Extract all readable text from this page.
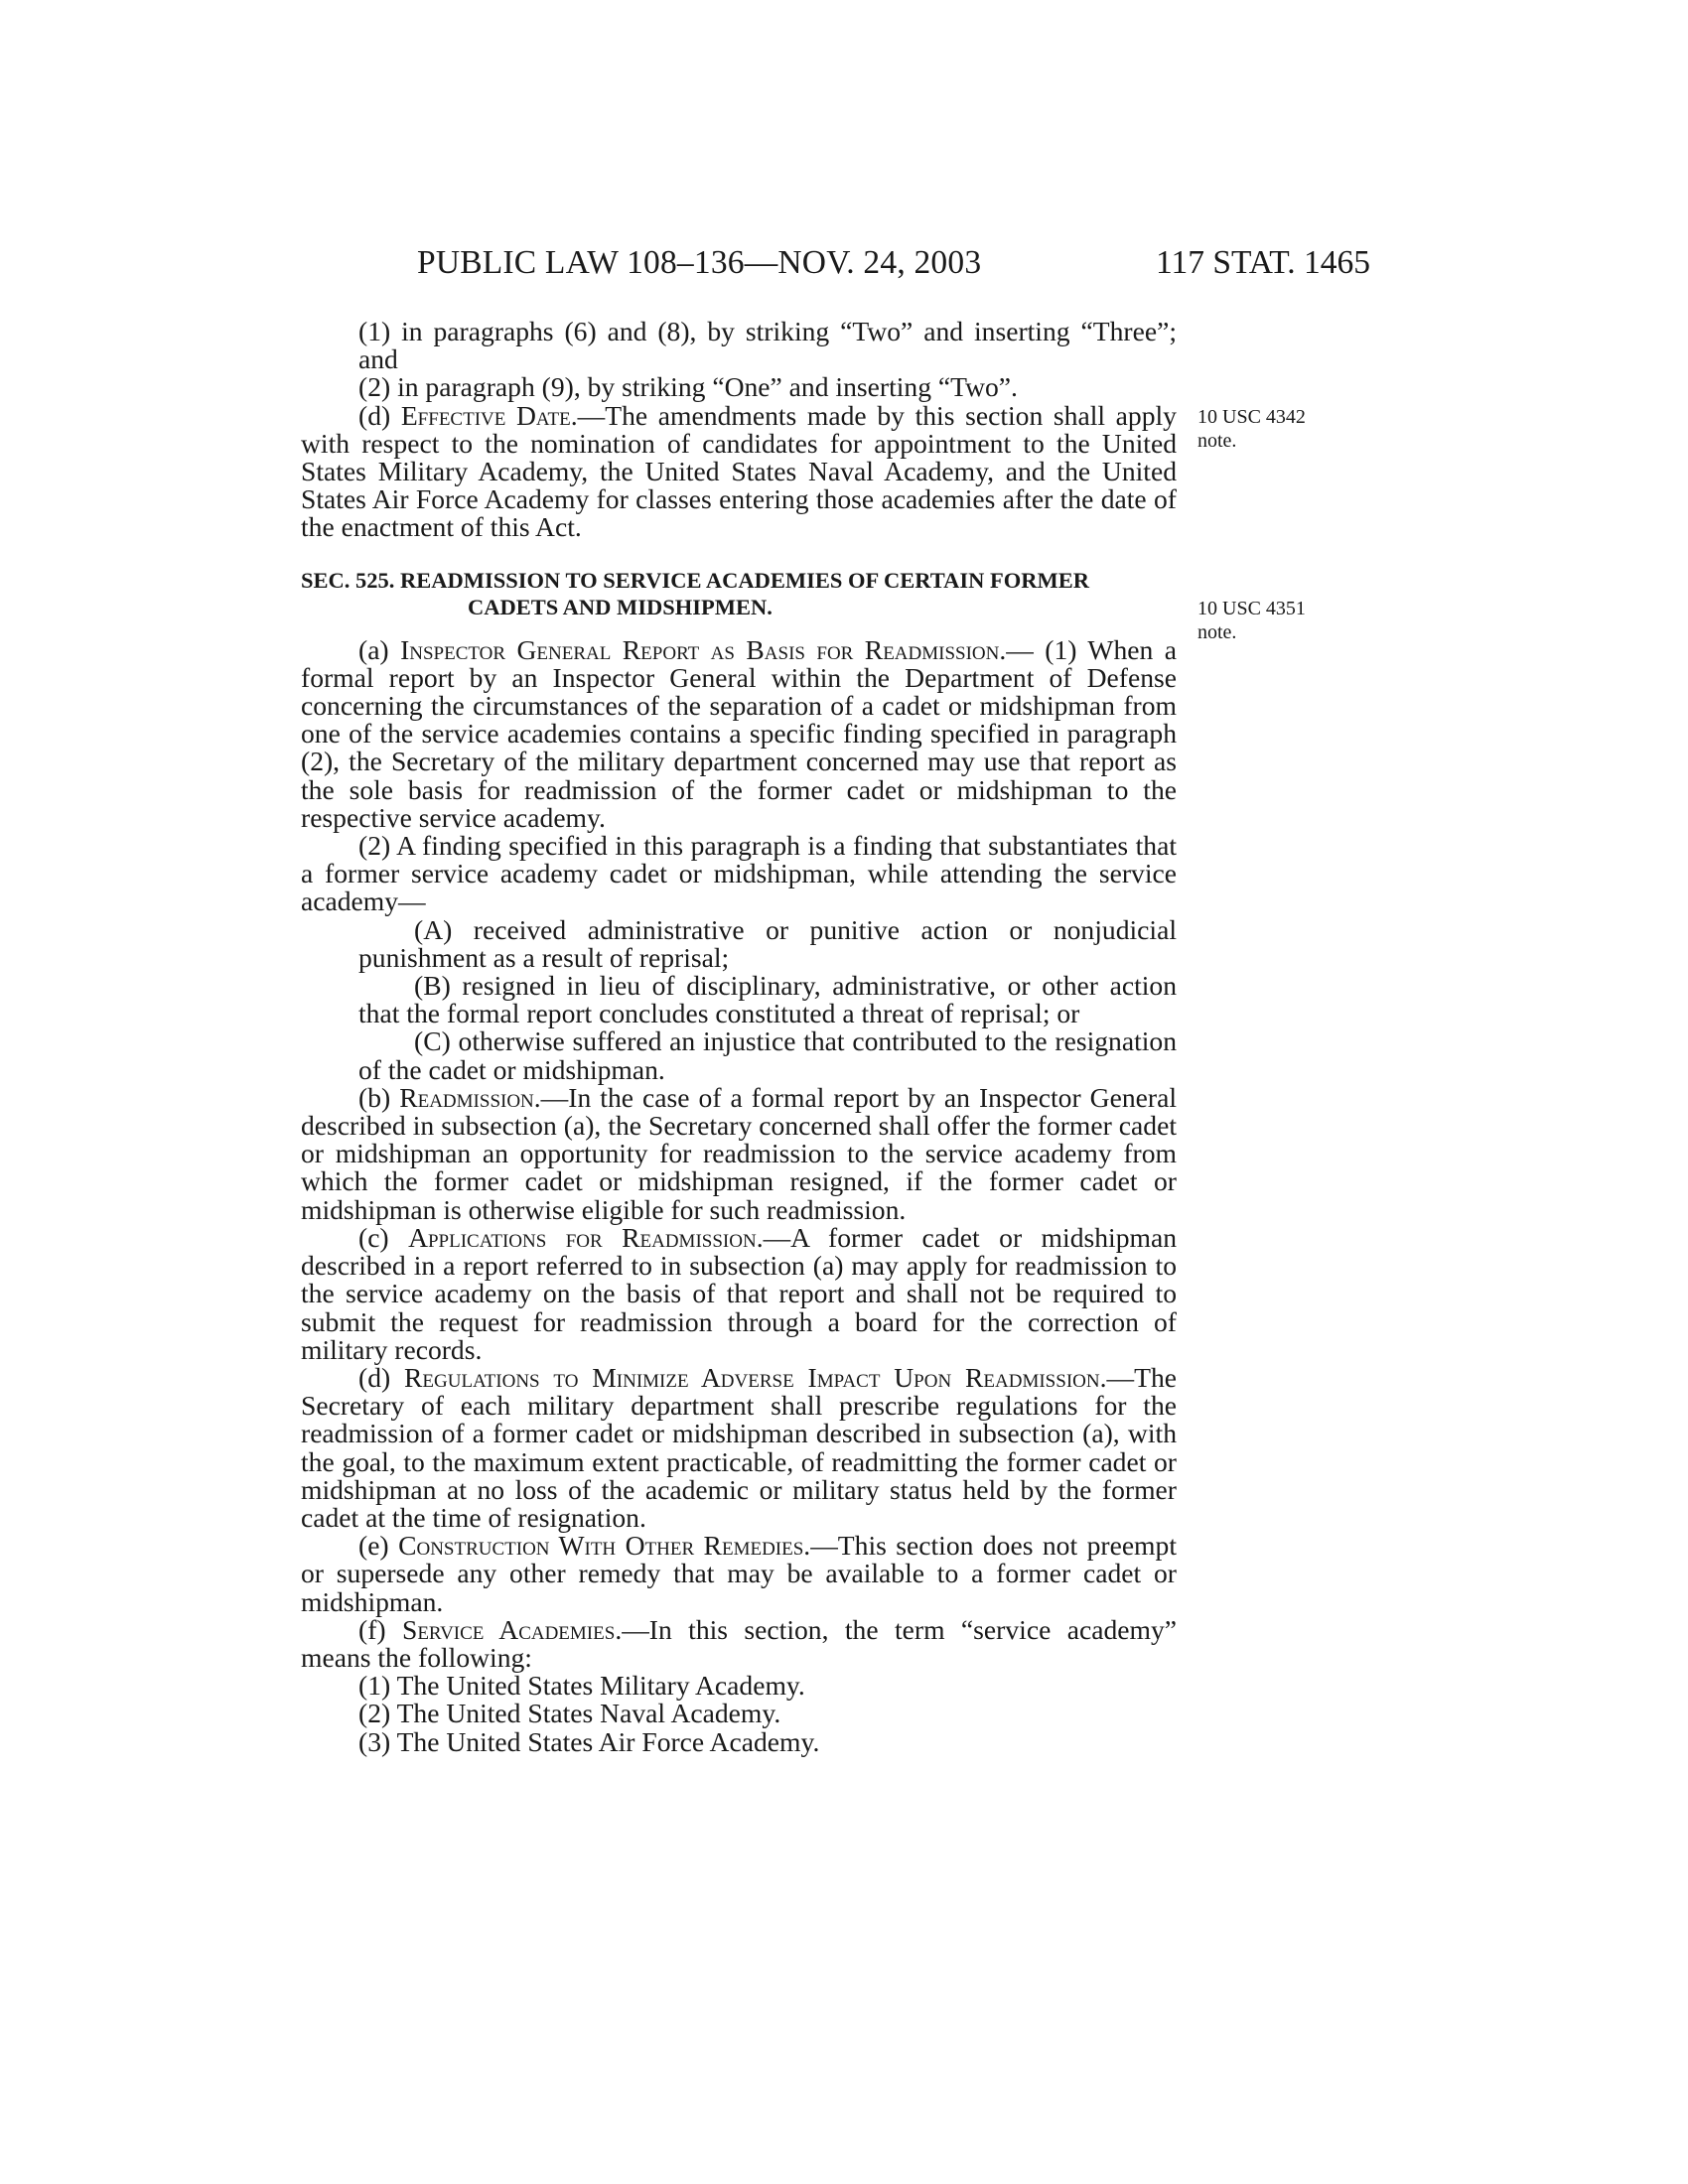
PUBLIC LAW 108–136—NOV. 24, 2003	117 STAT. 1465
10 USC 4342
note.
10 USC 4351
note.

(1) in paragraphs (6) and (8), by striking “Two” and inserting “Three”; and

(2) in paragraph (9), by striking “One” and inserting “Two”.

(d) Effective Date.—The amendments made by this section shall apply with respect to the nomination of candidates for appointment to the United States Military Academy, the United States Naval Academy, and the United States Air Force Academy for classes entering those academies after the date of the enactment of this Act.

SEC. 525. READMISSION TO SERVICE ACADEMIES OF CERTAIN FORMER
CADETS AND MIDSHIPMEN.

(a) Inspector General Report as Basis for Readmission.— (1) When a formal report by an Inspector General within the Department of Defense concerning the circumstances of the separation of a cadet or midshipman from one of the service academies contains a specific finding specified in paragraph (2), the Secretary of the military department concerned may use that report as the sole basis for readmission of the former cadet or midshipman to the respective service academy.

(2) A finding specified in this paragraph is a finding that substantiates that a former service academy cadet or midshipman, while attending the service academy—

(A) received administrative or punitive action or nonjudicial punishment as a result of reprisal;

(B) resigned in lieu of disciplinary, administrative, or other action that the formal report concludes constituted a threat of reprisal; or

(C) otherwise suffered an injustice that contributed to the resignation of the cadet or midshipman.

(b) Readmission.—In the case of a formal report by an Inspector General described in subsection (a), the Secretary concerned shall offer the former cadet or midshipman an opportunity for readmission to the service academy from which the former cadet or midshipman resigned, if the former cadet or midshipman is otherwise eligible for such readmission.

(c) Applications for Readmission.—A former cadet or midshipman described in a report referred to in subsection (a) may apply for readmission to the service academy on the basis of that report and shall not be required to submit the request for readmission through a board for the correction of military records.

(d) Regulations to Minimize Adverse Impact Upon Readmission.—The Secretary of each military department shall prescribe regulations for the readmission of a former cadet or midshipman described in subsection (a), with the goal, to the maximum extent practicable, of readmitting the former cadet or midshipman at no loss of the academic or military status held by the former cadet at the time of resignation.

(e) Construction With Other Remedies.—This section does not preempt or supersede any other remedy that may be available to a former cadet or midshipman.

(f) Service Academies.—In this section, the term “service academy” means the following:

(1) The United States Military Academy.

(2) The United States Naval Academy.

(3) The United States Air Force Academy.
